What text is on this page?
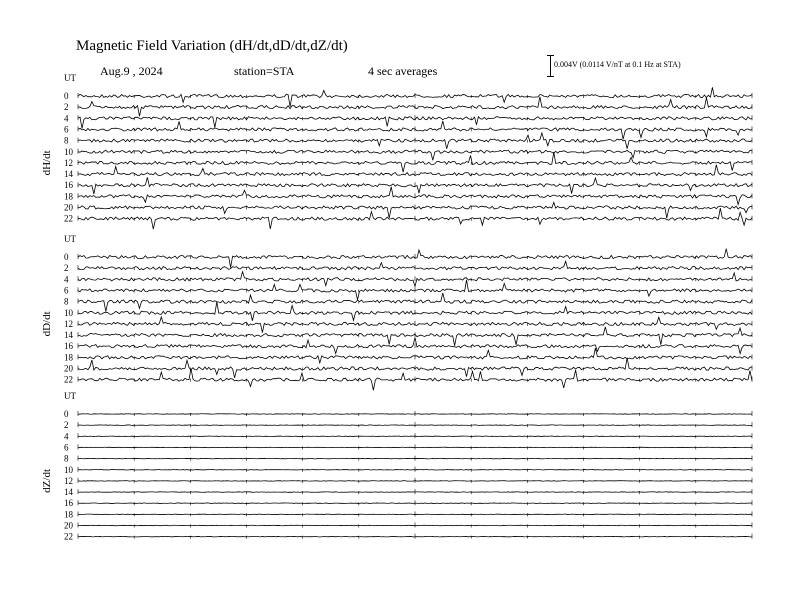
Magnetic Field Variation (dH/dt,dD/dt,dZ/dt)
Aug.9 , 2024	station=STA	4 sec averages	0.004V (0.0114 V/nT at 0.1 Hz at STA)
UT
dH/dt
0
2
4
6
8
10
12
14
16
18
20
22
UT
dD/dt
0
2
4
6
8
10
12
14
16
18
20
22
UT
dZ/dt
0
2
4
6
8
10
12
14
16
18
20
22
